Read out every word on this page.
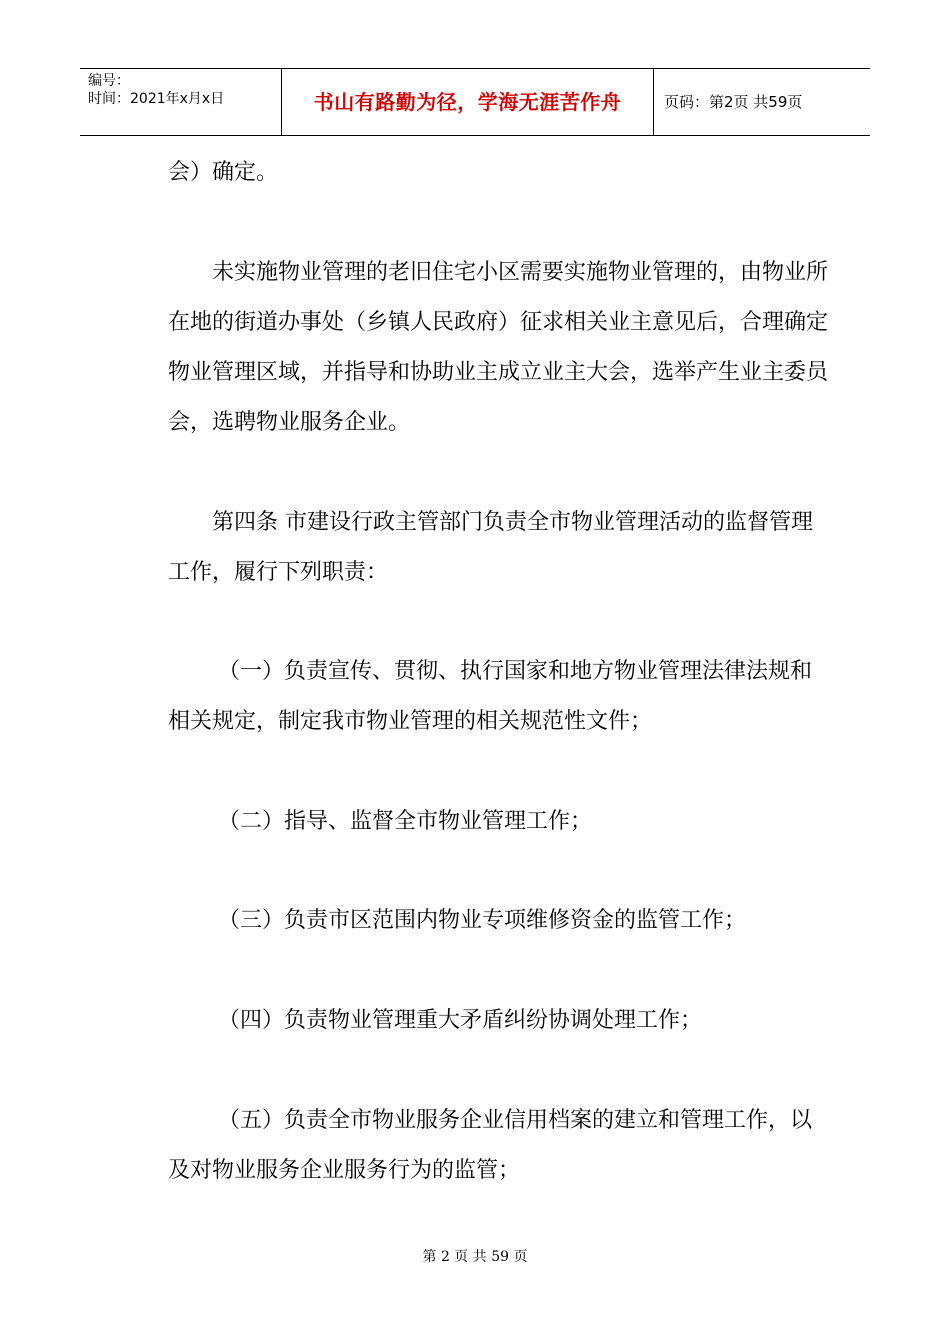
编号：
时间：2021年x月x日	书山有路勤为径，学海无涯苦作舟	页码：第2页 共59页

会）确定。

未实施物业管理的老旧住宅小区需要实施物业管理的，由物业所在地的街道办事处（乡镇人民政府）征求相关业主意见后，合理确定物业管理区域，并指导和协助业主成立业主大会，选举产生业主委员会，选聘物业服务企业。

第四条 市建设行政主管部门负责全市物业管理活动的监督管理工作，履行下列职责：

（一）负责宣传、贯彻、执行国家和地方物业管理法律法规和相关规定，制定我市物业管理的相关规范性文件；

（二）指导、监督全市物业管理工作；

（三）负责市区范围内物业专项维修资金的监管工作；

（四）负责物业管理重大矛盾纠纷协调处理工作；

（五）负责全市物业服务企业信用档案的建立和管理工作，以及对物业服务企业服务行为的监管；

第 2 页 共 59 页
